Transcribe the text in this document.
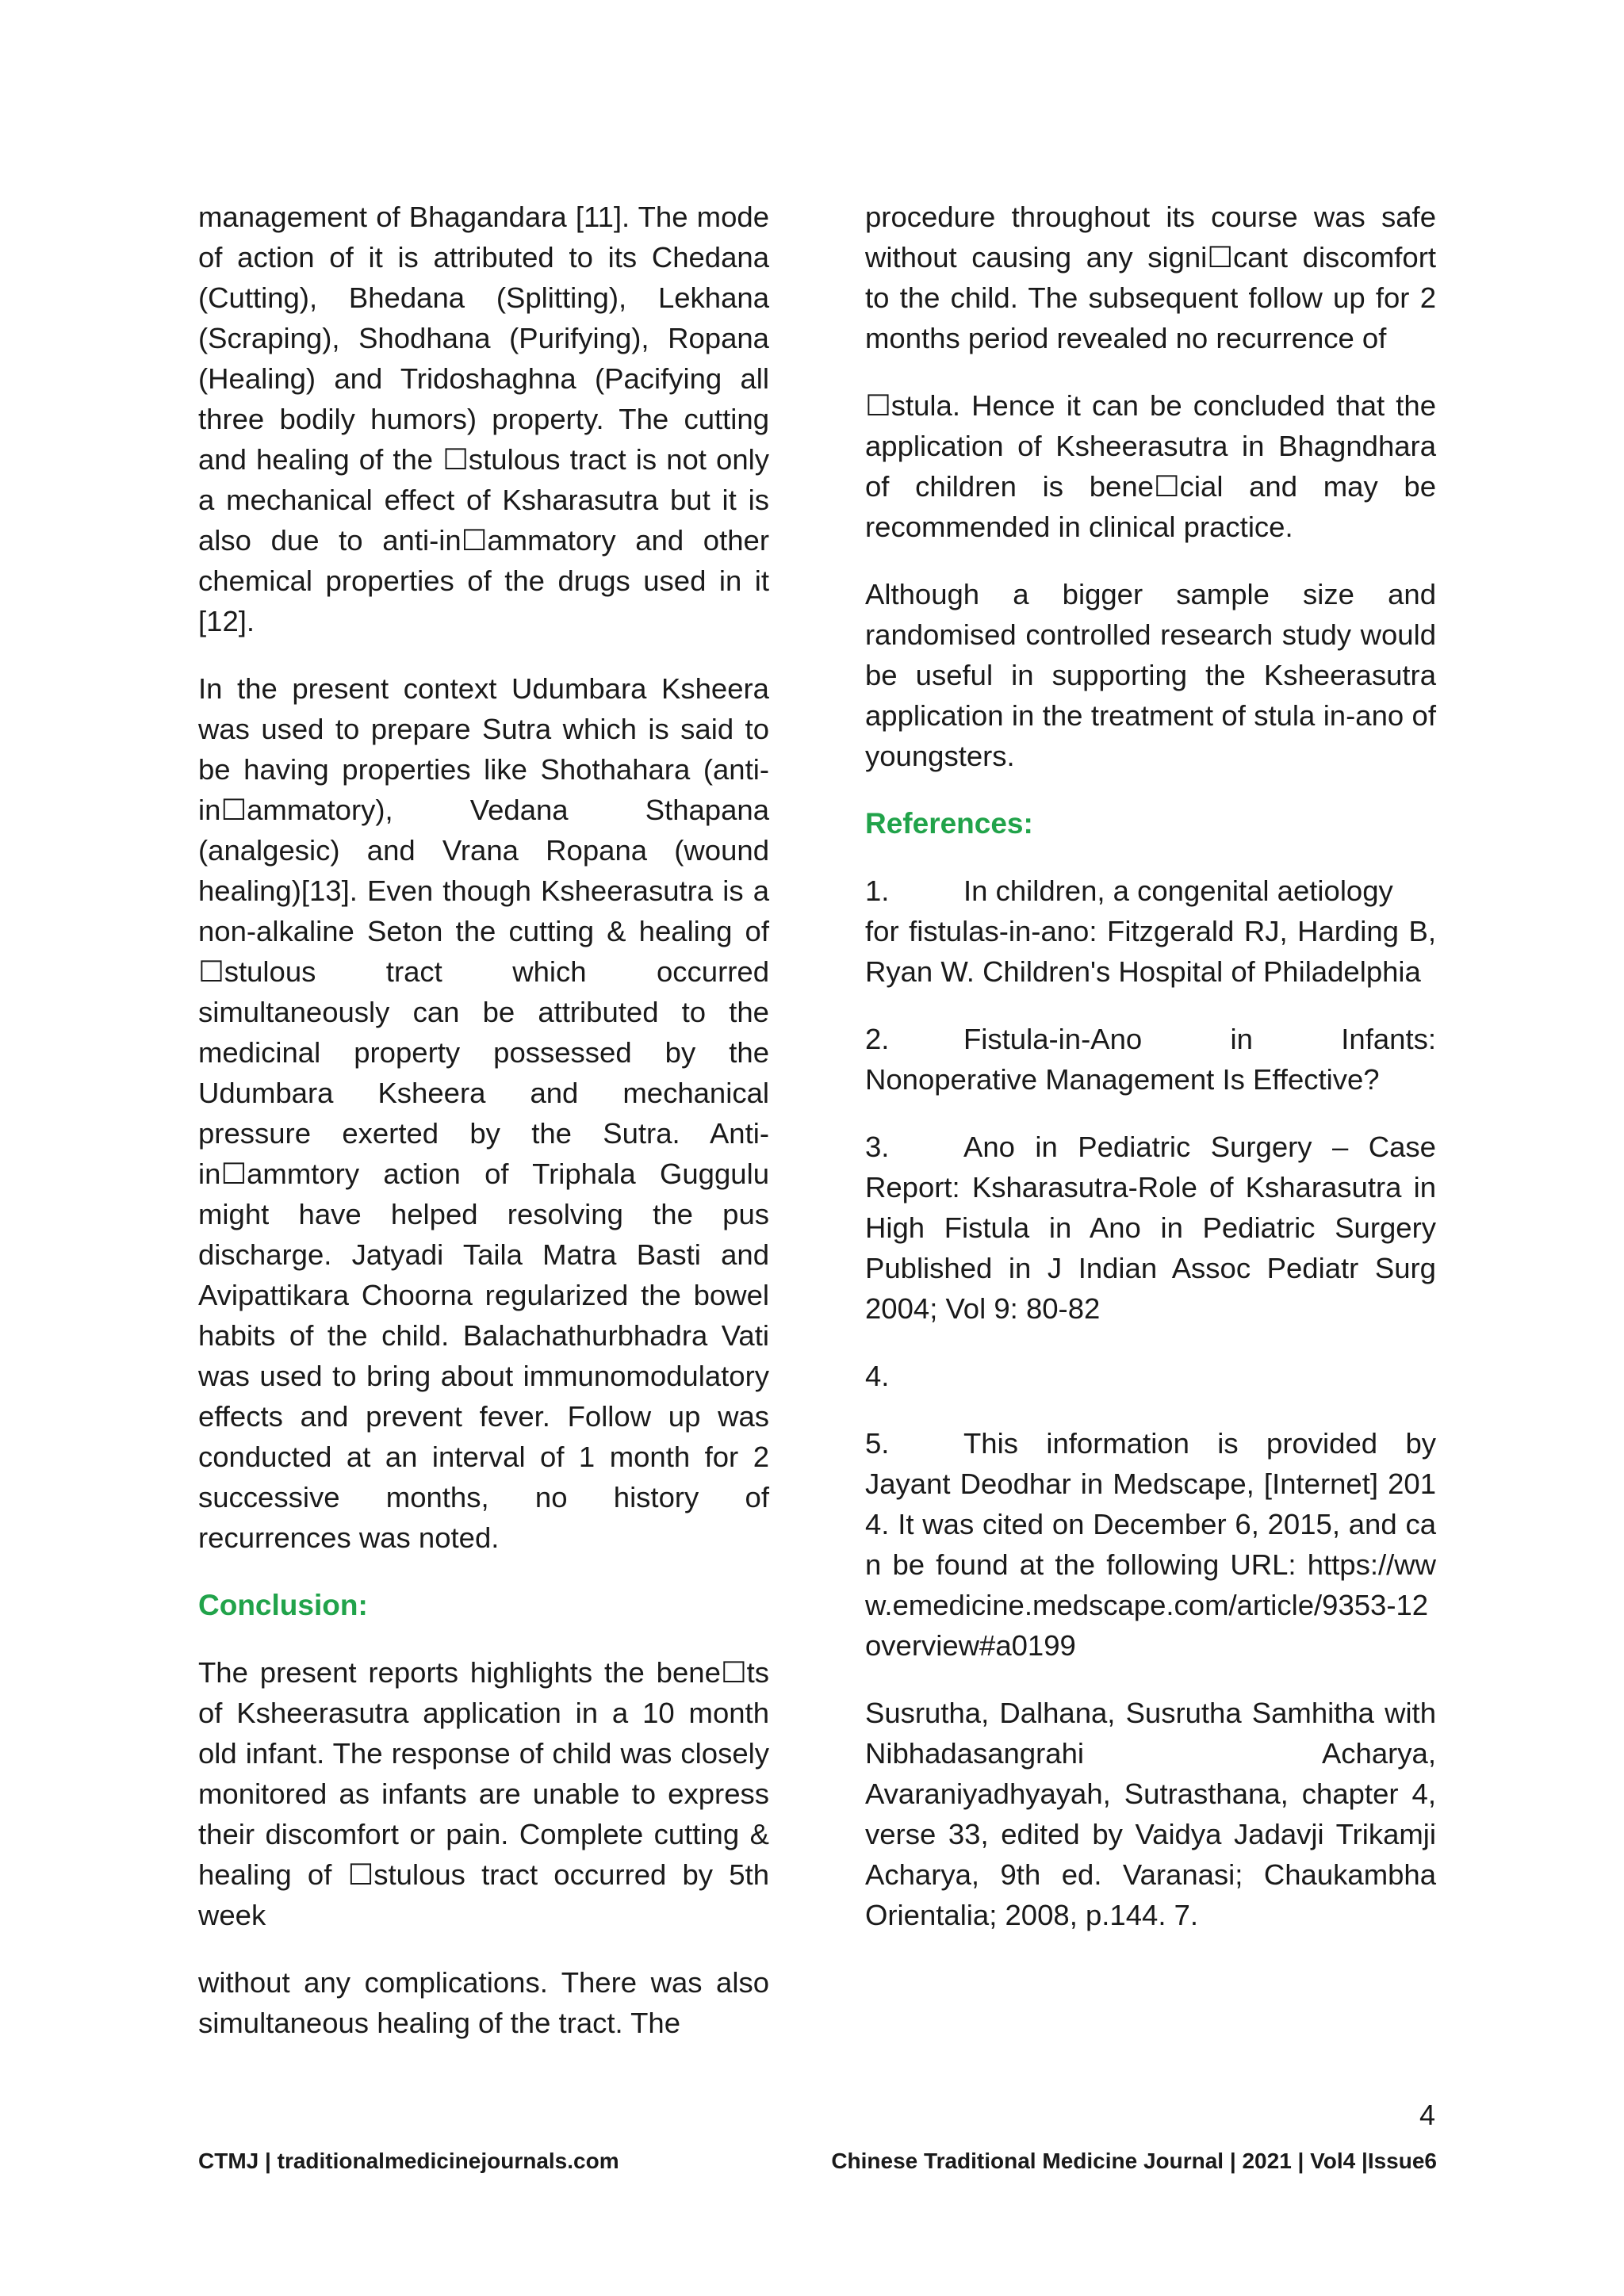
management of Bhagandara [11]. The mode of action of it is attributed to its Chedana (Cutting), Bhedana (Splitting), Lekhana (Scraping), Shodhana (Purifying), Ropana (Healing) and Tridoshaghna (Pacifying all three bodily humors) property. The cutting and healing of the ☐stulous tract is not only a mechanical effect of Ksharasutra but it is also due to anti-in☐ammatory and other chemical properties of the drugs used in it [12].

In the present context Udumbara Ksheera was used to prepare Sutra which is said to be having properties like Shothahara (anti-in☐ammatory), Vedana Sthapana (analgesic) and Vrana Ropana (wound healing)[13]. Even though Ksheerasutra is a non-alkaline Seton the cutting & healing of ☐stulous tract which occurred simultaneously can be attributed to the medicinal property possessed by the Udumbara Ksheera and mechanical pressure exerted by the Sutra. Anti-in☐ammtory action of Triphala Guggulu might have helped resolving the pus discharge. Jatyadi Taila Matra Basti and Avipattikara Choorna regularized the bowel habits of the child. Balachathurbhadra Vati was used to bring about immunomodulatory effects and prevent fever. Follow up was conducted at an interval of 1 month for 2 successive months, no history of recurrences was noted.

Conclusion:

The present reports highlights the bene☐ts of Ksheerasutra application in a 10 month old infant. The response of child was closely monitored as infants are unable to express their discomfort or pain. Complete cutting & healing of ☐stulous tract occurred by 5th week

without any complications. There was also simultaneous healing of the tract. The

procedure throughout its course was safe without causing any signi☐cant discomfort to the child. The subsequent follow up for 2 months period revealed no recurrence of

☐stula. Hence it can be concluded that the application of Ksheerasutra in Bhagndhara of children is bene☐cial and may be recommended in clinical practice.

Although a bigger sample size and randomised controlled research study would be useful in supporting the Ksheerasutra application in the treatment of stula in-ano of youngsters.

References:
1.	In children, a congenital aetiology

for fistulas-in-ano: Fitzgerald RJ, Harding B, Ryan W. Children's Hospital of Philadelphia

2.	Fistula-in-Ano in Infants:

Nonoperative Management Is Effective?

3.	Ano in Pediatric Surgery – Case

Report: Ksharasutra-Role of Ksharasutra in High Fistula in Ano in Pediatric Surgery Published in J Indian Assoc Pediatr Surg 2004; Vol 9: 80-82

4.
5.	This information is provided by

Jayant Deodhar in Medscape, [Internet] 2014. It was cited on December 6, 2015, and can be found at the following URL: https://www.emedicine.medscape.com/article/9353-12overview#a0199

Susrutha, Dalhana, Susrutha Samhitha with Nibhadasangrahi Acharya, Avaraniyadhyayah, Sutrasthana, chapter 4, verse 33, edited by Vaidya Jadavji Trikamji Acharya, 9th ed. Varanasi; Chaukambha Orientalia; 2008, p.144. 7.

4
CTMJ | traditionalmedicinejournals.com	Chinese Traditional Medicine Journal | 2021 | Vol4 |Issue6
